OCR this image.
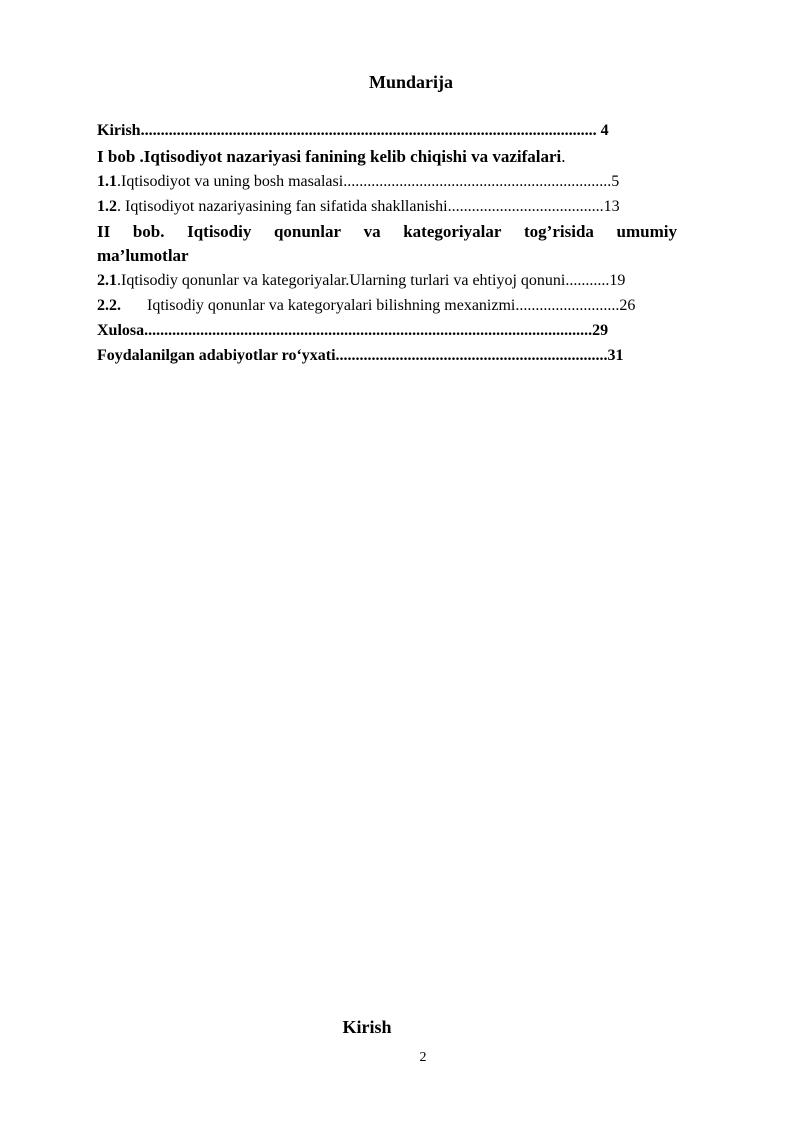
Mundarija
Kirish.................................................................................................................. 4
I bob .Iqtisodiyot nazariyasi fanining kelib chiqishi va vazifalari.
1.1.Iqtisodiyot va uning bosh masalasi...................................................................5
1.2. Iqtisodiyot nazariyasining fan sifatida shakllanishi.......................................13
II bob. Iqtisodiy qonunlar va kategoriyalar tog’risida umumiy
ma’lumotlar
2.1.Iqtisodiy qonunlar va kategoriyalar.Ularning turlari va ehtiyoj qonuni...........19
2.2. Iqtisodiy qonunlar va kategoryalari bilishning mexanizmi..........................26
Xulosa................................................................................................................29
Foydalanilgan adabiyotlar ro‘yxati....................................................................31
Kirish
2
